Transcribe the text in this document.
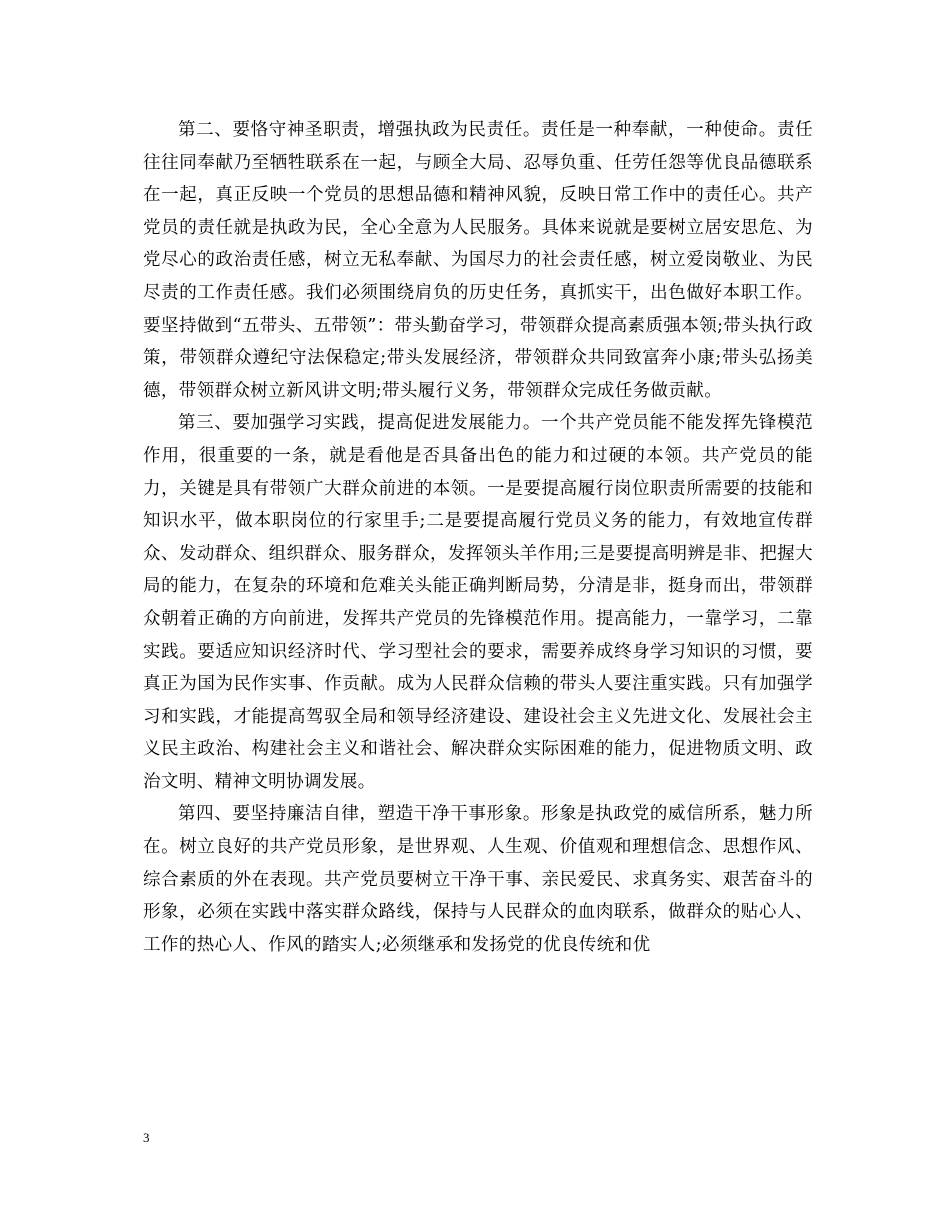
第二、要恪守神圣职责，增强执政为民责任。责任是一种奉献，一种使命。责任往往同奉献乃至牺牲联系在一起，与顾全大局、忍辱负重、任劳任怨等优良品德联系在一起，真正反映一个党员的思想品德和精神风貌，反映日常工作中的责任心。共产党员的责任就是执政为民，全心全意为人民服务。具体来说就是要树立居安思危、为党尽心的政治责任感，树立无私奉献、为国尽力的社会责任感，树立爱岗敬业、为民尽责的工作责任感。我们必须围绕肩负的历史任务，真抓实干，出色做好本职工作。要坚持做到“五带头、五带领”：带头勤奋学习，带领群众提高素质强本领;带头执行政策，带领群众遵纪守法保稳定;带头发展经济，带领群众共同致富奔小康;带头弘扬美德，带领群众树立新风讲文明;带头履行义务，带领群众完成任务做贡献。

第三、要加强学习实践，提高促进发展能力。一个共产党员能不能发挥先锋模范作用，很重要的一条，就是看他是否具备出色的能力和过硬的本领。共产党员的能力，关键是具有带领广大群众前进的本领。一是要提高履行岗位职责所需要的技能和知识水平，做本职岗位的行家里手;二是要提高履行党员义务的能力，有效地宣传群众、发动群众、组织群众、服务群众，发挥领头羊作用;三是要提高明辨是非、把握大局的能力，在复杂的环境和危难关头能正确判断局势，分清是非，挺身而出，带领群众朝着正确的方向前进，发挥共产党员的先锋模范作用。提高能力，一靠学习，二靠实践。要适应知识经济时代、学习型社会的要求，需要养成终身学习知识的习惯，要真正为国为民作实事、作贡献。成为人民群众信赖的带头人要注重实践。只有加强学习和实践，才能提高驾驭全局和领导经济建设、建设社会主义先进文化、发展社会主义民主政治、构建社会主义和谐社会、解决群众实际困难的能力，促进物质文明、政治文明、精神文明协调发展。

第四、要坚持廉洁自律，塑造干净干事形象。形象是执政党的威信所系，魅力所在。树立良好的共产党员形象，是世界观、人生观、价值观和理想信念、思想作风、综合素质的外在表现。共产党员要树立干净干事、亲民爱民、求真务实、艰苦奋斗的形象，必须在实践中落实群众路线，保持与人民群众的血肉联系，做群众的贴心人、工作的热心人、作风的踏实人;必须继承和发扬党的优良传统和优

3
